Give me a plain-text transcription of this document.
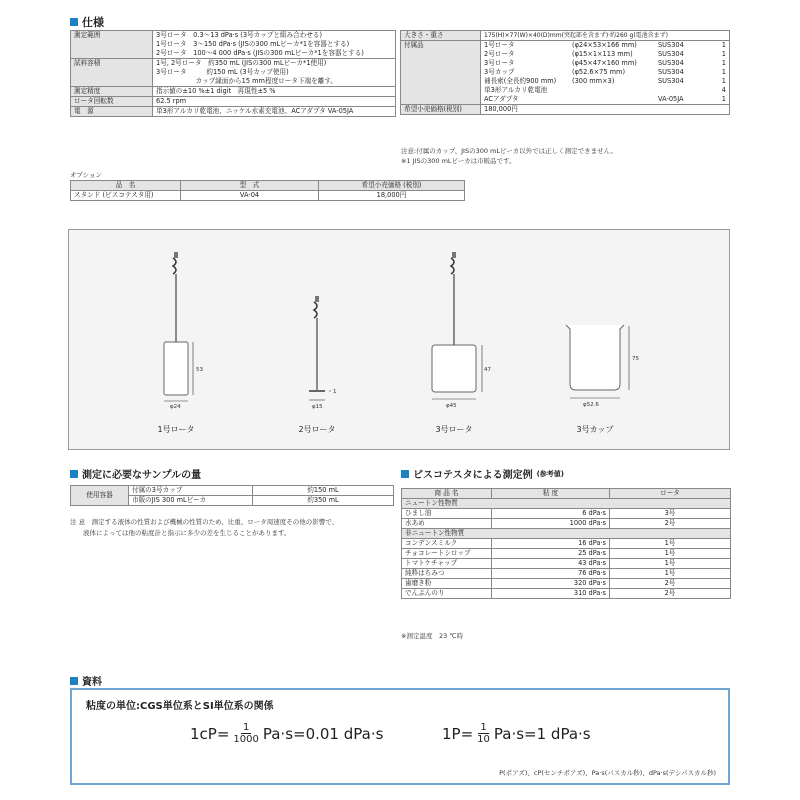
仕様
測定範囲	3号ロータ　0.3～13 dPa·s (3号カップと組み合わせる)
1号ロータ　3～150 dPa·s (JISの300 mLビーカ*1を容器とする)
2号ロータ　100～4 000 dPa·s (JISの300 mLビーカ*1を容器とする)

試料容積	1号, 2号ロータ　約350 mL (JISの300 mLビーカ*1使用)
3号ロータ　　　約150 mL (3号カップ使用)
　　　　　　カップ縁面から15 mm程度ロータ下端を離す。

測定精度	指示値の±10 %±1 digit　再現性±5 %
ロータ回転数	62.5 rpm
電　源	単3形アルカリ乾電池、ニッケル水素充電池、ACアダプタ VA-05JA
大きさ・重さ	175(H)×77(W)×40(D)mm(突起部を含まず)·約260 g(電池含まず)
付属品		1号ロータ	(φ24×53×166 mm)	SUS304	1
2号ロータ	(φ15×1×113 mm)	SUS304	1
3号ロータ	(φ45×47×160 mm)	SUS304	1
3号カップ	(φ52.6×75 mm)	SUS304	1
補長索(全長約900 mm)	(300 mm×3)	SUS304	1
単3形アルカリ乾電池		4
ACアダプタ	VA-05JA	1

希望小売価格(税別)	180,000円
注意:付属のカップ、JISの300 mLビーカ以外では正しく測定できません。
※1 JISの300 mLビーカは市販品です。
オプション
品　名	型　式	希望小売価格 (税別)
スタンド (ビスコテスタ用)	VA-04	18,000円
53
φ24
1
φ15
47
φ45
75
φ52.6
1号ロータ	2号ロータ	3号ロータ	3号カップ
測定に必要なサンプルの量
使用容器	付属の3号カップ	約150 mL
	市販のJIS 300 mLビーカ	約350 mL
注 意　測定する液体の性質および機械の性質のため、比重、ロータ周速度その他の影響で、
液体によっては他の粘度計と指示に多少の差を生じることがあります。
ビスコテスタによる測定例 (参考値)
商 品 名	粘 度	ロータ
ニュートン性物質		
ひまし油	6 dPa·s	3号
水あめ	1000 dPa·s	2号
非ニュートン性物質		
コンデンスミルク	16 dPa·s	1号
チョコレートシロップ	25 dPa·s	1号
トマトケチャップ	43 dPa·s	1号
純粋はちみつ	76 dPa·s	1号
歯磨き粉	320 dPa·s	2号
でんぷんのり	310 dPa·s	2号
※測定温度　23 ℃時
資料
粘度の単位:CGS単位系とSI単位系の関係
$1cP= \frac{1}{1000} Pa\cdot s=0.01$ dPa·s	$1P= \frac{1}{10} Pa\cdot s=1$ dPa·s
P(ポアズ)、cP(センチポアズ)、Pa·s(パスカル秒)、dPa·s(デシパスカル秒)
